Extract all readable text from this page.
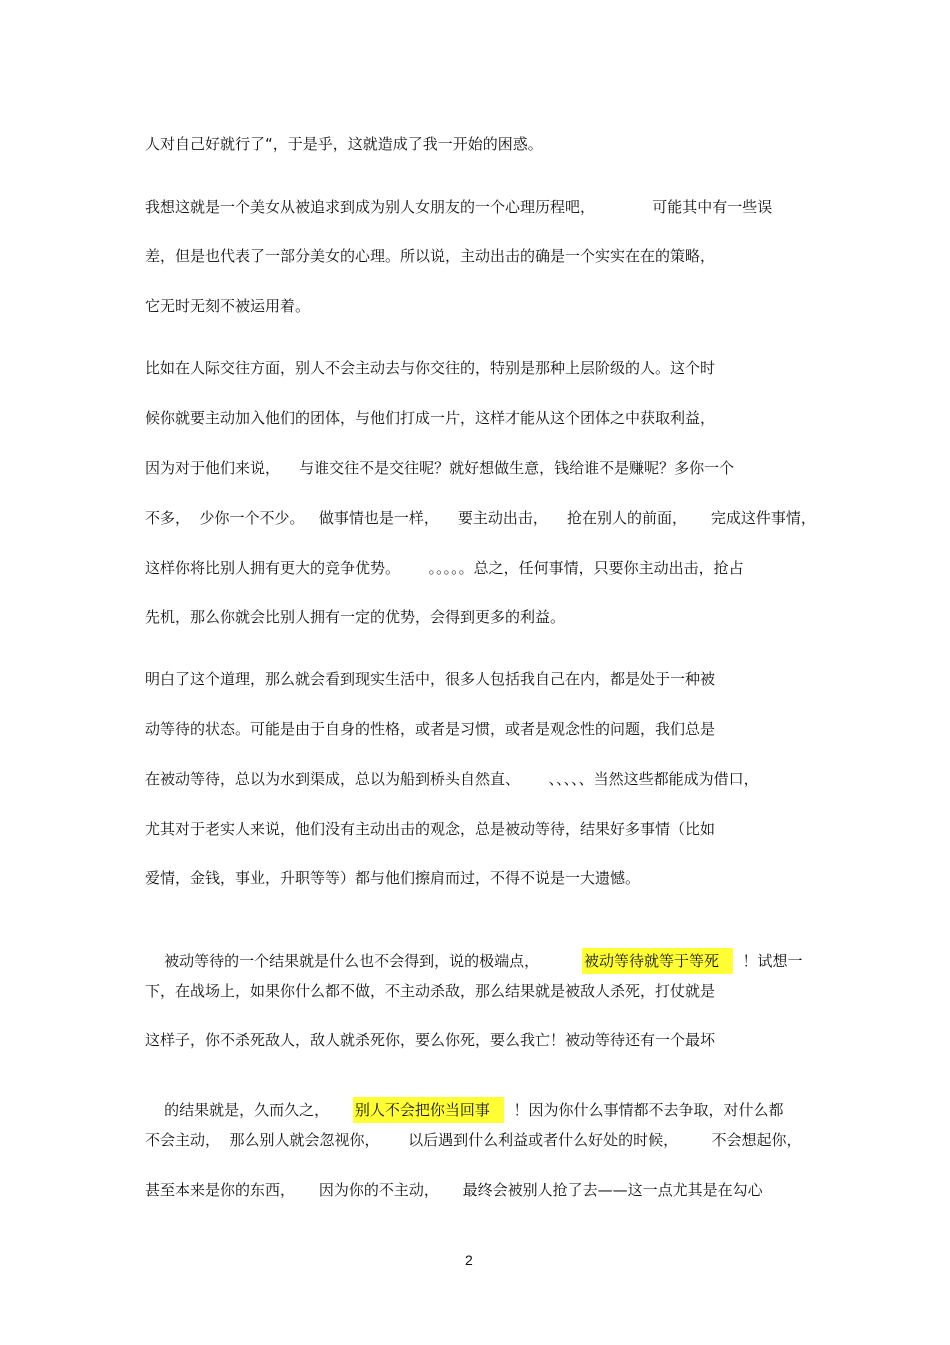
人对自己好就行了“，于是乎，这就造成了我一开始的困惑。
我想这就是一个美女从被追求到成为别人女朋友的一个心理历程吧，            可能其中有一些误
差，但是也代表了一部分美女的心理。所以说，主动出击的确是一个实实在在的策略，
它无时无刻不被运用着。
比如在人际交往方面，别人不会主动去与你交往的，特别是那种上层阶级的人。这个时
候你就要主动加入他们的团体，与他们打成一片，这样才能从这个团体之中获取利益，
因为对于他们来说，    与谁交往不是交往呢？就好想做生意，钱给谁不是赚呢？多你一个
不多，  少你一个不少。   做事情也是一样，    要主动出击，    抢在别人的前面，     完成这件事情，
这样你将比别人拥有更大的竞争优势。      。。。。。总之，任何事情，只要你主动出击，抢占
先机，那么你就会比别人拥有一定的优势，会得到更多的利益。
明白了这个道理，那么就会看到现实生活中，很多人包括我自己在内，都是处于一种被
动等待的状态。可能是由于自身的性格，或者是习惯，或者是观念性的问题，我们总是
在被动等待，总以为水到渠成，总以为船到桥头自然直、      、、、、、当然这些都能成为借口，
尤其对于老实人来说，他们没有主动出击的观念，总是被动等待，结果好多事情（比如
爱情，金钱，事业，升职等等）都与他们擦肩而过，不得不说是一大遗憾。

被动等待的一个结果就是什么也不会得到，说的极端点，         被动等待就等于等死  ！试想一

下，在战场上，如果你什么都不做，不主动杀敌，那么结果就是被敌人杀死，打仗就是
这样子，你不杀死敌人，敌人就杀死你，要么你死，要么我亡！被动等待还有一个最坏

的结果就是，久而久之，     别人不会把你当回事  ！因为你什么事情都不去争取，对什么都

不会主动，  那么别人就会忽视你，      以后遇到什么利益或者什么好处的时候，       不会想起你，
甚至本来是你的东西，     因为你的不主动，     最终会被别人抢了去——这一点尤其是在勾心
2
